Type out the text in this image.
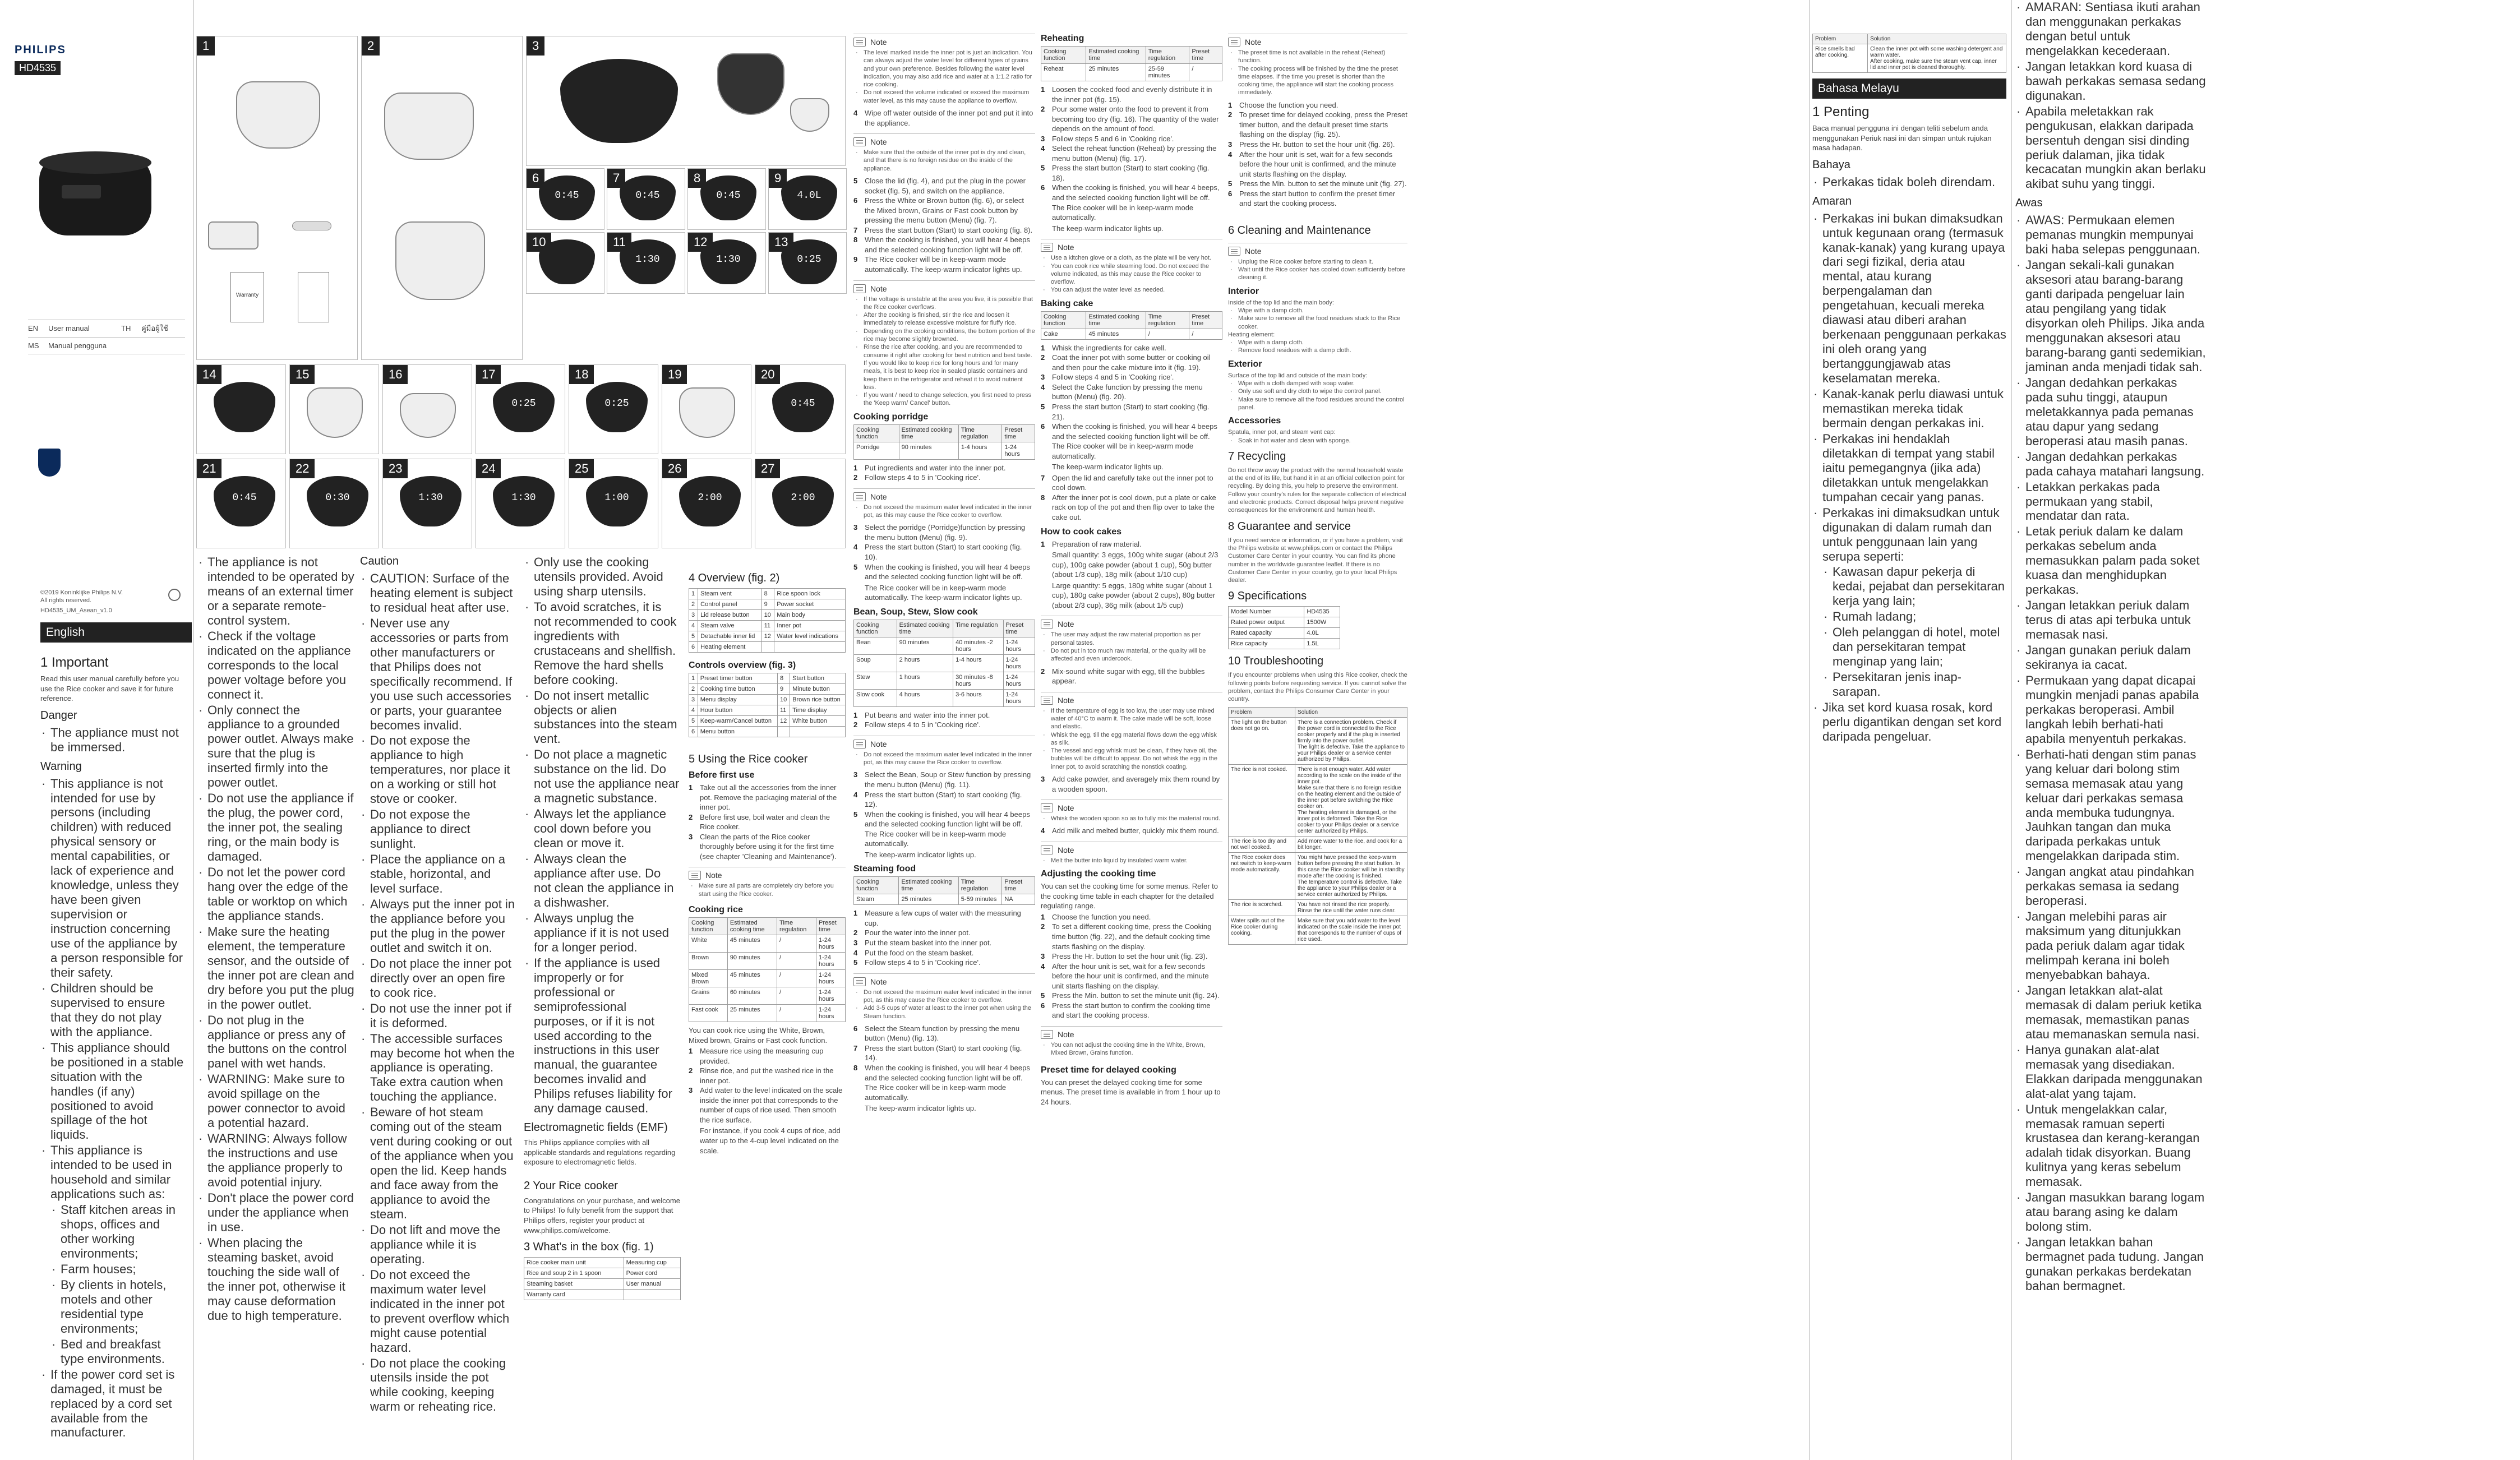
PHILIPS
HD4535
EN	User manual	TH	คู่มือผู้ใช้
MS	Manual pengguna
©2019 Koninklijke Philips N.V.
All rights reserved.
HD4535_UM_Asean_v1.0
English
1 Important
Read this user manual carefully before you use the Rice cooker and save it for future reference.
Danger
· The appliance must not be immersed.
Warning
· This appliance is not intended for use by persons (including children) with reduced physical sensory or mental capabilities, or lack of experience and knowledge, unless they have been given supervision or instruction concerning use of the appliance by a person responsible for their safety.
· Children should be supervised to ensure that they do not play with the appliance.
· This appliance should be positioned in a stable situation with the handles (if any) positioned to avoid spillage of the hot liquids.
· This appliance is intended to be used in household and similar applications such as:
· Staff kitchen areas in shops, offices and other working environments;
· Farm houses;
· By clients in hotels, motels and other residential type environments;
· Bed and breakfast type environments.
· If the power cord set is damaged, it must be replaced by a cord set available from the manufacturer.
1
Warranty
2	3

6
0:45
7
0:45
8
0:45
9
4.0L
10	11
1:30
12
1:30
13
0:25
14
	15	16	17
0:25
18
0:25
19	20
0:45
21
0:45
22
0:30
23
1:30
24
1:30
25
1:00
26
2:00
27
2:00
· The appliance is not intended to be operated by means of an external timer or a separate remote-control system.
· Check if the voltage indicated on the appliance corresponds to the local power voltage before you connect it.
· Only connect the appliance to a grounded power outlet. Always make sure that the plug is inserted firmly into the power outlet.
· Do not use the appliance if the plug, the power cord, the inner pot, the sealing ring, or the main body is damaged.
· Do not let the power cord hang over the edge of the table or worktop on which the appliance stands.
· Make sure the heating element, the temperature sensor, and the outside of the inner pot are clean and dry before you put the plug in the power outlet.
· Do not plug in the appliance or press any of the buttons on the control panel with wet hands.
· WARNING: Make sure to avoid spillage on the power connector to avoid a potential hazard.
· WARNING: Always follow the instructions and use the appliance properly to avoid potential injury.
· Don't place the power cord under the appliance when in use.
· When placing the steaming basket, avoid touching the side wall of the inner pot, otherwise it may cause deformation due to high temperature.
Caution
· CAUTION: Surface of the heating element is subject to residual heat after use.
· Never use any accessories or parts from other manufacturers or that Philips does not specifically recommend. If you use such accessories or parts, your guarantee becomes invalid.
· Do not expose the appliance to high temperatures, nor place it on a working or still hot stove or cooker.
· Do not expose the appliance to direct sunlight.
· Place the appliance on a stable, horizontal, and level surface.
· Always put the inner pot in the appliance before you put the plug in the power outlet and switch it on.
· Do not place the inner pot directly over an open fire to cook rice.
· Do not use the inner pot if it is deformed.
· The accessible surfaces may become hot when the appliance is operating. Take extra caution when touching the appliance.
· Beware of hot steam coming out of the steam vent during cooking or out of the appliance when you open the lid. Keep hands and face away from the appliance to avoid the steam.
· Do not lift and move the appliance while it is operating.
· Do not exceed the maximum water level indicated in the inner pot to prevent overflow which might cause potential hazard.
· Do not place the cooking utensils inside the pot while cooking, keeping warm or reheating rice.
· Only use the cooking utensils provided. Avoid using sharp utensils.
· To avoid scratches, it is not recommended to cook ingredients with crustaceans and shellfish. Remove the hard shells before cooking.
· Do not insert metallic objects or alien substances into the steam vent.
· Do not place a magnetic substance on the lid. Do not use the appliance near a magnetic substance.
· Always let the appliance cool down before you clean or move it.
· Always clean the appliance after use. Do not clean the appliance in a dishwasher.
· Always unplug the appliance if it is not used for a longer period.
· If the appliance is used improperly or for professional or semiprofessional purposes, or if it is not used according to the instructions in this user manual, the guarantee becomes invalid and Philips refuses liability for any damage caused.
Electromagnetic fields (EMF)
This Philips appliance complies with all applicable standards and regulations regarding exposure to electromagnetic fields.
2 Your Rice cooker
Congratulations on your purchase, and welcome to Philips! To fully benefit from the support that Philips offers, register your product at www.philips.com/welcome.
3 What's in the box (fig. 1)
Rice cooker main unit	Measuring cup
Rice and soup 2 in 1 spoon	Power cord
Steaming basket	User manual
Warranty card	
4 Overview (fig. 2)
1	Steam vent	8	Rice spoon lock
2	Control panel	9	Power socket
3	Lid release button	10	Main body
4	Steam valve	11	Inner pot
5	Detachable inner lid	12	Water level indications
6	Heating element		
Controls overview (fig. 3)
1	Preset timer button	8	Start button
2	Cooking time button	9	Minute button
3	Menu display	10	Brown rice button
4	Hour button	11	Time display
5	Keep-warm/Cancel button	12	White button
6	Menu button		
5 Using the Rice cooker
Before first use
1 Take out all the accessories from the inner pot. Remove the packaging material of the inner pot.
2 Before first use, boil water and clean the Rice cooker.
3 Clean the parts of the Rice cooker thoroughly before using it for the first time (see chapter 'Cleaning and Maintenance').
Note
· Make sure all parts are completely dry before you start using the Rice cooker.
Cooking rice
Cooking function	Estimated cooking time	Time regulation	Preset time
White	45 minutes	/	1-24 hours
Brown	90 minutes	/	1-24 hours
Mixed Brown	45 minutes	/	1-24 hours
Grains	60 minutes	/	1-24 hours
Fast cook	25 minutes	/	1-24 hours

You can cook rice using the White, Brown, Mixed brown, Grains or Fast cook function.

1 Measure rice using the measuring cup provided.
2 Rinse rice, and put the washed rice in the inner pot.
3 Add water to the level indicated on the scale inside the inner pot that corresponds to the number of cups of rice used. Then smooth the rice surface.

For instance, if you cook 4 cups of rice, add water up to the 4-cup level indicated on the scale.

Note
· The level marked inside the inner pot is just an indication. You can always adjust the water level for different types of grains and your own preference. Besides following the water level indication, you may also add rice and water at a 1:1.2 ratio for rice cooking.
· Do not exceed the volume indicated or exceed the maximum water level, as this may cause the appliance to overflow.
4 Wipe off water outside of the inner pot and put it into the appliance.
Note
· Make sure that the outside of the inner pot is dry and clean, and that there is no foreign residue on the inside of the appliance.
5 Close the lid (fig. 4), and put the plug in the power socket (fig. 5), and switch on the appliance.
6 Press the White or Brown button (fig. 6), or select the Mixed brown, Grains or Fast cook button by pressing the menu button (Menu) (fig. 7).
7 Press the start button (Start) to start cooking (fig. 8).
8 When the cooking is finished, you will hear 4 beeps and the selected cooking function light will be off.
9 The Rice cooker will be in keep-warm mode automatically. The keep-warm indicator lights up.
Note
· If the voltage is unstable at the area you live, it is possible that the Rice cooker overflows.
· After the cooking is finished, stir the rice and loosen it immediately to release excessive moisture for fluffy rice.
· Depending on the cooking conditions, the bottom portion of the rice may become slightly browned.
· Rinse the rice after cooking, and you are recommended to consume it right after cooking for best nutrition and best taste. If you would like to keep rice for long hours and for many meals, it is best to keep rice in sealed plastic containers and keep them in the refrigerator and reheat it to avoid nutrient loss.
· If you want / need to change selection, you first need to press the 'Keep warm/ Cancel' button.
Cooking porridge
Cooking function	Estimated cooking time	Time regulation	Preset time
Porridge	90 minutes	1-4 hours	1-24 hours
1 Put ingredients and water into the inner pot.
2 Follow steps 4 to 5 in 'Cooking rice'.
Note
· Do not exceed the maximum water level indicated in the inner pot, as this may cause the Rice cooker to overflow.
3 Select the porridge (Porridge)function by pressing the menu button (Menu) (fig. 9).
4 Press the start button (Start) to start cooking (fig. 10).
5 When the cooking is finished, you will hear 4 beeps and the selected cooking function light will be off.

The Rice cooker will be in keep-warm mode automatically. The keep-warm indicator lights up.

Bean, Soup, Stew, Slow cook
Cooking function	Estimated cooking time	Time regulation	Preset time
Bean	90 minutes	40 minutes -2 hours	1-24 hours
Soup	2 hours	1-4 hours	1-24 hours
Stew	1 hours	30 minutes -8 hours	1-24 hours
Slow cook	4 hours	3-6 hours	1-24 hours
1 Put beans and water into the inner pot.
2 Follow steps 4 to 5 in 'Cooking rice'.
Note
· Do not exceed the maximum water level indicated in the inner pot, as this may cause the Rice cooker to overflow.
3 Select the Bean, Soup or Stew function by pressing the menu button (Menu) (fig. 11).
4 Press the start button (Start) to start cooking (fig. 12).
5 When the cooking is finished, you will hear 4 beeps and the selected cooking function light will be off. The Rice cooker will be in keep-warm mode automatically.

The keep-warm indicator lights up.

Steaming food
Cooking function	Estimated cooking time	Time regulation	Preset time
Steam	25 minutes	5-59 minutes	NA
1 Measure a few cups of water with the measuring cup.
2 Pour the water into the inner pot.
3 Put the steam basket into the inner pot.
4 Put the food on the steam basket.
5 Follow steps 4 to 5 in 'Cooking rice'.
Note
· Do not exceed the maximum water level indicated in the inner pot, as this may cause the Rice cooker to overflow.
· Add 3-5 cups of water at least to the inner pot when using the Steam function.
6 Select the Steam function by pressing the menu button (Menu) (fig. 13).
7 Press the start button (Start) to start cooking (fig. 14).
8 When the cooking is finished, you will hear 4 beeps and the selected cooking function light will be off. The Rice cooker will be in keep-warm mode automatically.

The keep-warm indicator lights up.

Reheating
Cooking function	Estimated cooking time	Time regulation	Preset time
Reheat	25 minutes	25-59 minutes	/
1 Loosen the cooked food and evenly distribute it in the inner pot (fig. 15).
2 Pour some water onto the food to prevent it from becoming too dry (fig. 16). The quantity of the water depends on the amount of food.
3 Follow steps 5 and 6 in 'Cooking rice'.
4 Select the reheat function (Reheat) by pressing the menu button (Menu) (fig. 17).
5 Press the start button (Start) to start cooking (fig. 18).
6 When the cooking is finished, you will hear 4 beeps, and the selected cooking function light will be off. The Rice cooker will be in keep-warm mode automatically.

The keep-warm indicator lights up.

Note
· Use a kitchen glove or a cloth, as the plate will be very hot.
· You can cook rice while steaming food. Do not exceed the volume indicated, as this may cause the Rice cooker to overflow.
· You can adjust the water level as needed.
Baking cake
Cooking function	Estimated cooking time	Time regulation	Preset time
Cake	45 minutes	/	/
1 Whisk the ingredients for cake well.
2 Coat the inner pot with some butter or cooking oil and then pour the cake mixture into it (fig. 19).
3 Follow steps 4 and 5 in 'Cooking rice'.
4 Select the Cake function by pressing the menu button (Menu) (fig. 20).
5 Press the start button (Start) to start cooking (fig. 21).
6 When the cooking is finished, you will hear 4 beeps and the selected cooking function light will be off. The Rice cooker will be in keep-warm mode automatically.

The keep-warm indicator lights up.

7 Open the lid and carefully take out the inner pot to cool down.
8 After the inner pot is cool down, put a plate or cake rack on top of the pot and then flip over to take the cake out.
How to cook cakes
1 Preparation of raw material.

Small quantity: 3 eggs, 100g white sugar (about 2/3 cup), 100g cake powder (about 1 cup), 50g butter (about 1/3 cup), 18g milk (about 1/10 cup)

Large quantity: 5 eggs, 180g white sugar (about 1 cup), 180g cake powder (about 2 cups), 80g butter (about 2/3 cup), 36g milk (about 1/5 cup)

Note
· The user may adjust the raw material proportion as per personal tastes.
· Do not put in too much raw material, or the quality will be affected and even undercook.
2 Mix-sound white sugar with egg, till the bubbles appear.
Note
· If the temperature of egg is too low, the user may use mixed water of 40°C to warm it. The cake made will be soft, loose and elastic.
· Whisk the egg, till the egg material flows down the egg whisk as silk.
· The vessel and egg whisk must be clean, if they have oil, the bubbles will be difficult to appear. Do not whisk the egg in the inner pot, to avoid scratching the nonstick coating.
3 Add cake powder, and averagely mix them round by a wooden spoon.
Note
· Whisk the wooden spoon so as to fully mix the material round.
4 Add milk and melted butter, quickly mix them round.
Note
· Melt the butter into liquid by insulated warm water.
Adjusting the cooking time

You can set the cooking time for some menus. Refer to the cooking time table in each chapter for the detailed regulating range.

1 Choose the function you need.
2 To set a different cooking time, press the Cooking time button (fig. 22), and the default cooking time starts flashing on the display.
3 Press the Hr. button to set the hour unit (fig. 23).
4 After the hour unit is set, wait for a few seconds before the hour unit is confirmed, and the minute unit starts flashing on the display.
5 Press the Min. button to set the minute unit (fig. 24).
6 Press the start button to confirm the cooking time and start the cooking process.
Note
· You can not adjust the cooking time in the White, Brown, Mixed Brown, Grains function.
Preset time for delayed cooking

You can preset the delayed cooking time for some menus. The preset time is available in from 1 hour up to 24 hours.

Note
· The preset time is not available in the reheat (Reheat) function.
· The cooking process will be finished by the time the preset time elapses. If the time you preset is shorter than the cooking time, the appliance will start the cooking process immediately.
1 Choose the function you need.
2 To preset time for delayed cooking, press the Preset timer button, and the default preset time starts flashing on the display (fig. 25).
3 Press the Hr. button to set the hour unit (fig. 26).
4 After the hour unit is set, wait for a few seconds before the hour unit is confirmed, and the minute unit starts flashing on the display.
5 Press the Min. button to set the minute unit (fig. 27).
6 Press the start button to confirm the preset timer and start the cooking process.
6 Cleaning and Maintenance
Note
· Unplug the Rice cooker before starting to clean it.
· Wait until the Rice cooker has cooled down sufficiently before cleaning it.
Interior

Inside of the top lid and the main body:

· Wipe with a damp cloth.
· Make sure to remove all the food residues stuck to the Rice cooker.

Heating element:

· Wipe with a damp cloth.
· Remove food residues with a damp cloth.
Exterior

Surface of the top lid and outside of the main body:

· Wipe with a cloth damped with soap water.
· Only use soft and dry cloth to wipe the control panel.
· Make sure to remove all the food residues around the control panel.
Accessories

Spatula, inner pot, and steam vent cap:

· Soak in hot water and clean with sponge.
7 Recycling
Do not throw away the product with the normal household waste at the end of its life, but hand it in at an official collection point for recycling. By doing this, you help to preserve the environment.
Follow your country's rules for the separate collection of electrical and electronic products. Correct disposal helps prevent negative consequences for the environment and human health.
8 Guarantee and service
If you need service or information, or if you have a problem, visit the Philips website at www.philips.com or contact the Philips Customer Care Center in your country. You can find its phone number in the worldwide guarantee leaflet. If there is no Customer Care Center in your country, go to your local Philips dealer.
9 Specifications
Model Number	HD4535
Rated power output	1500W
Rated capacity	4.0L
Rice capacity	1.5L
10 Troubleshooting
If you encounter problems when using this Rice cooker, check the following points before requesting service. If you cannot solve the problem, contact the Philips Consumer Care Center in your country.
Problem	Solution
The light on the button does not go on.	There is a connection problem. Check if the power cord is connected to the Rice cooker properly and if the plug is inserted firmly into the power outlet.
The light is defective. Take the appliance to your Philips dealer or a service center authorized by Philips.
The rice is not cooked.	There is not enough water. Add water according to the scale on the inside of the inner pot.
Make sure that there is no foreign residue on the heating element and the outside of the inner pot before switching the Rice cooker on.
The heating element is damaged, or the inner pot is deformed. Take the Rice cooker to your Philips dealer or a service center authorized by Philips.
The rice is too dry and not well cooked.	Add more water to the rice, and cook for a bit longer.
The Rice cooker does not switch to keep-warm mode automatically.	You might have pressed the keep-warm button before pressing the start button. In this case the Rice cooker will be in standby mode after the cooking is finished.
The temperature control is defective. Take the appliance to your Philips dealer or a service center authorized by Philips.
The rice is scorched.	You have not rinsed the rice properly. Rinse the rice until the water runs clear.
Water spills out of the Rice cooker during cooking.	Make sure that you add water to the level indicated on the scale inside the inner pot that corresponds to the number of cups of rice used.
Problem	Solution
Rice smells bad after cooking.	Clean the inner pot with some washing detergent and warm water.
After cooking, make sure the steam vent cap, inner lid and inner pot is cleaned thoroughly.
Bahasa Melayu
1 Penting
Baca manual pengguna ini dengan teliti sebelum anda menggunakan Periuk nasi ini dan simpan untuk rujukan masa hadapan.
Bahaya
· Perkakas tidak boleh direndam.
Amaran
· Perkakas ini bukan dimaksudkan untuk kegunaan orang (termasuk kanak-kanak) yang kurang upaya dari segi fizikal, deria atau mental, atau kurang berpengalaman dan pengetahuan, kecuali mereka diawasi atau diberi arahan berkenaan penggunaan perkakas ini oleh orang yang bertanggungjawab atas keselamatan mereka.
· Kanak-kanak perlu diawasi untuk memastikan mereka tidak bermain dengan perkakas ini.
· Perkakas ini hendaklah diletakkan di tempat yang stabil iaitu pemegangnya (jika ada) diletakkan untuk mengelakkan tumpahan cecair yang panas.
· Perkakas ini dimaksudkan untuk digunakan di dalam rumah dan untuk penggunaan lain yang serupa seperti:
· Kawasan dapur pekerja di kedai, pejabat dan persekitaran kerja yang lain;
· Rumah ladang;
· Oleh pelanggan di hotel, motel dan persekitaran tempat menginap yang lain;
· Persekitaran jenis inap-sarapan.
· Jika set kord kuasa rosak, kord perlu digantikan dengan set kord daripada pengeluar.
· AMARAN: Sentiasa ikuti arahan dan menggunakan perkakas dengan betul untuk mengelakkan kecederaan.
· Jangan letakkan kord kuasa di bawah perkakas semasa sedang digunakan.
· Apabila meletakkan rak pengukusan, elakkan daripada bersentuh dengan sisi dinding periuk dalaman, jika tidak kecacatan mungkin akan berlaku akibat suhu yang tinggi.
Awas
· AWAS: Permukaan elemen pemanas mungkin mempunyai baki haba selepas penggunaan.
· Jangan sekali-kali gunakan aksesori atau barang-barang ganti daripada pengeluar lain atau pengilang yang tidak disyorkan oleh Philips. Jika anda menggunakan aksesori atau barang-barang ganti sedemikian, jaminan anda menjadi tidak sah.
· Jangan dedahkan perkakas pada suhu tinggi, ataupun meletakkannya pada pemanas atau dapur yang sedang beroperasi atau masih panas.
· Jangan dedahkan perkakas pada cahaya matahari langsung.
· Letakkan perkakas pada permukaan yang stabil, mendatar dan rata.
· Letak periuk dalam ke dalam perkakas sebelum anda memasukkan palam pada soket kuasa dan menghidupkan perkakas.
· Jangan letakkan periuk dalam terus di atas api terbuka untuk memasak nasi.
· Jangan gunakan periuk dalam sekiranya ia cacat.
· Permukaan yang dapat dicapai mungkin menjadi panas apabila perkakas beroperasi. Ambil langkah lebih berhati-hati apabila menyentuh perkakas.
· Berhati-hati dengan stim panas yang keluar dari bolong stim semasa memasak atau yang keluar dari perkakas semasa anda membuka tudungnya. Jauhkan tangan dan muka daripada perkakas untuk mengelakkan daripada stim.
· Jangan angkat atau pindahkan perkakas semasa ia sedang beroperasi.
· Jangan melebihi paras air maksimum yang ditunjukkan pada periuk dalam agar tidak melimpah kerana ini boleh menyebabkan bahaya.
· Jangan letakkan alat-alat memasak di dalam periuk ketika memasak, memastikan panas atau memanaskan semula nasi.
· Hanya gunakan alat-alat memasak yang disediakan. Elakkan daripada menggunakan alat-alat yang tajam.
· Untuk mengelakkan calar, memasak ramuan seperti krustasea dan kerang-kerangan adalah tidak disyorkan. Buang kulitnya yang keras sebelum memasak.
· Jangan masukkan barang logam atau barang asing ke dalam bolong stim.
· Jangan letakkan bahan bermagnet pada tudung. Jangan gunakan perkakas berdekatan bahan bermagnet.
